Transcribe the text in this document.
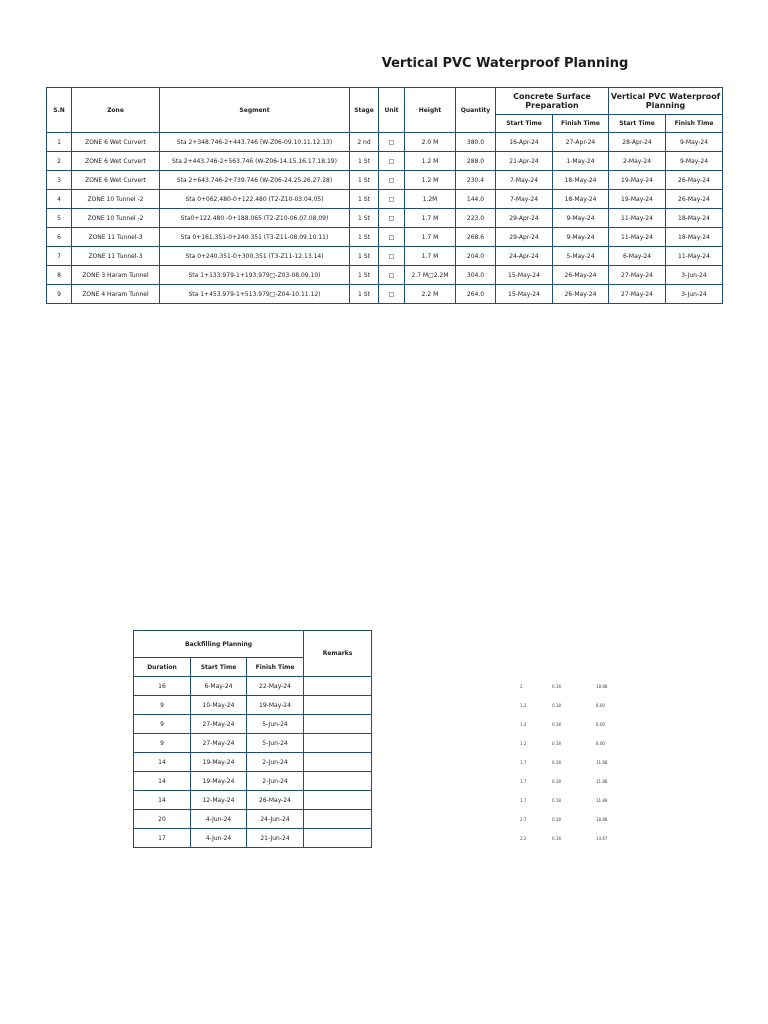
Vertical PVC Waterproof Planning
S.N	Zone	Segment	Stage	Unit	Height	Quantity	Concrete Surface Preparation		Vertical PVC Waterproof Planning	
							Start Time	Finish Time	Start Time	Finish Time
1	ZONE 6 Wet Curvert	Sta 2+348.746-2+443.746 (W-Z06-09.10.11.12.13)	2 nd	□	2.0 M	380.0	16-Apr-24	27-Apr-24	28-Apr-24	9-May-24
2	ZONE 6 Wet Curvert	Sta 2+443.746-2+563.746 (W-Z06-14.15.16.17.18.19)	1 St	□	1.2 M	288.0	21-Apr-24	1-May-24	2-May-24	9-May-24
3	ZONE 6 Wet Curvert	Sta 2+643.746-2+739.746 (W-Z06-24.25.26.27.28)	1 St	□	1.2 M	230.4	7-May-24	18-May-24	19-May-24	26-May-24
4	ZONE 10 Tunnel -2	Sta 0+062.480-0+122.480 (T2-Z10-03.04.05)	1 St	□	1.2M	144.0	7-May-24	18-May-24	19-May-24	26-May-24
5	ZONE 10 Tunnel -2	Sta0+122.480 -0+188.065 (T2-Z10-06.07.08.09)	1 St	□	1.7 M	223.0	29-Apr-24	9-May-24	11-May-24	18-May-24
6	ZONE 11 Tunnel-3	Sta 0+161.351-0+240.351 (T3-Z11-08.09.10.11)	1 St	□	1.7 M	268.6	29-Apr-24	9-May-24	11-May-24	18-May-24
7	ZONE 11 Tunnel-3	Sta 0+240.351-0+300.351 (T3-Z11-12.13.14)	1 St	□	1.7 M	204.0	24-Apr-24	5-May-24	6-May-24	11-May-24
8	ZONE 3 Haram Tunnel	Sta 1+133.979-1+193.979□-Z03-08.09.10)	1 St	□	2.7 M□2.2M	304.0	15-May-24	26-May-24	27-May-24	3-Jun-24
9	ZONE 4 Haram Tunnel	Sta 1+453.979-1+513.979□-Z04-10.11.12)	1 St	□	2.2 M	264.0	15-May-24	26-May-24	27-May-24	3-Jun-24
Backfilling Planning			Remarks
Duration	Start Time	Finish Time	
16	6-May-24	22-May-24	
9	10-May-24	19-May-24	
9	27-May-24	5-Jun-24	
9	27-May-24	5-Jun-24	
14	19-May-24	2-Jun-24	
14	19-May-24	2-Jun-24	
14	12-May-24	26-May-24	
20	4-Jun-24	24-Jun-24	
17	4-Jun-24	21-Jun-24	
2	0.18	18.88
1.2	0.18	8.00
1.2	0.18	8.00
1.2	0.18	8.00
1.7	0.18	11.88
1.7	0.18	11.88
1.7	0.18	11.88
2.7	0.18	18.88
2.2	0.18	14.67
